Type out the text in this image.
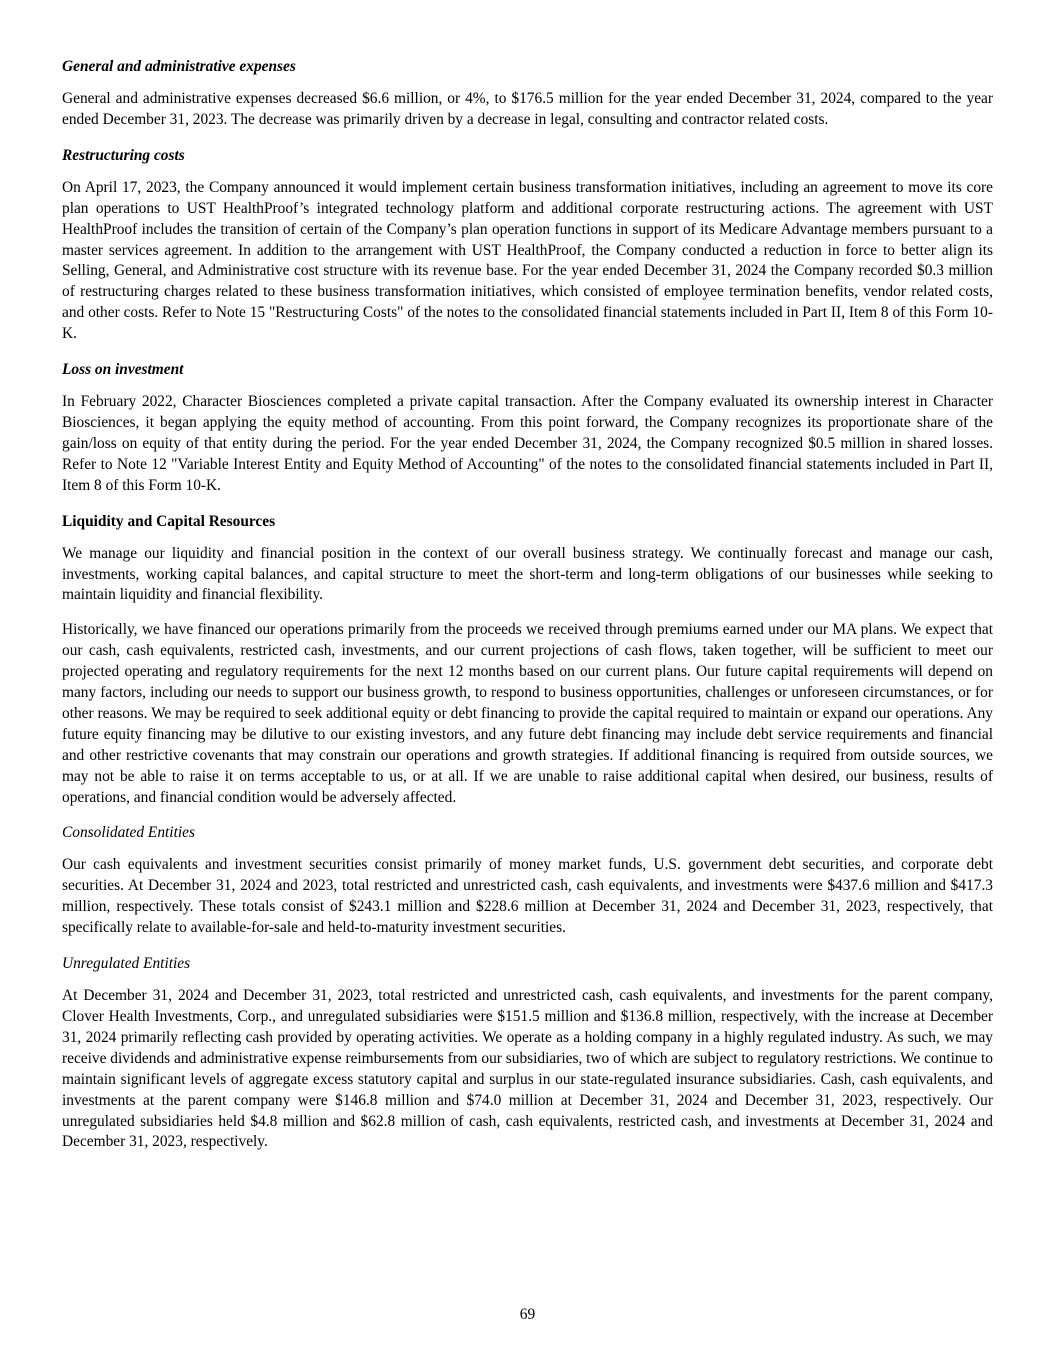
General and administrative expenses

General and administrative expenses decreased $6.6 million, or 4%, to $176.5 million for the year ended December 31, 2024, compared to the year ended December 31, 2023. The decrease was primarily driven by a decrease in legal, consulting and contractor related costs.

Restructuring costs

On April 17, 2023, the Company announced it would implement certain business transformation initiatives, including an agreement to move its core plan operations to UST HealthProof’s integrated technology platform and additional corporate restructuring actions. The agreement with UST HealthProof includes the transition of certain of the Company’s plan operation functions in support of its Medicare Advantage members pursuant to a master services agreement. In addition to the arrangement with UST HealthProof, the Company conducted a reduction in force to better align its Selling, General, and Administrative cost structure with its revenue base. For the year ended December 31, 2024 the Company recorded $0.3 million of restructuring charges related to these business transformation initiatives, which consisted of employee termination benefits, vendor related costs, and other costs. Refer to Note 15 "Restructuring Costs" of the notes to the consolidated financial statements included in Part II, Item 8 of this Form 10-K.

Loss on investment

In February 2022, Character Biosciences completed a private capital transaction. After the Company evaluated its ownership interest in Character Biosciences, it began applying the equity method of accounting. From this point forward, the Company recognizes its proportionate share of the gain/loss on equity of that entity during the period. For the year ended December 31, 2024, the Company recognized $0.5 million in shared losses. Refer to Note 12 "Variable Interest Entity and Equity Method of Accounting" of the notes to the consolidated financial statements included in Part II, Item 8 of this Form 10-K.

Liquidity and Capital Resources

We manage our liquidity and financial position in the context of our overall business strategy. We continually forecast and manage our cash, investments, working capital balances, and capital structure to meet the short-term and long-term obligations of our businesses while seeking to maintain liquidity and financial flexibility.

Historically, we have financed our operations primarily from the proceeds we received through premiums earned under our MA plans. We expect that our cash, cash equivalents, restricted cash, investments, and our current projections of cash flows, taken together, will be sufficient to meet our projected operating and regulatory requirements for the next 12 months based on our current plans. Our future capital requirements will depend on many factors, including our needs to support our business growth, to respond to business opportunities, challenges or unforeseen circumstances, or for other reasons. We may be required to seek additional equity or debt financing to provide the capital required to maintain or expand our operations. Any future equity financing may be dilutive to our existing investors, and any future debt financing may include debt service requirements and financial and other restrictive covenants that may constrain our operations and growth strategies. If additional financing is required from outside sources, we may not be able to raise it on terms acceptable to us, or at all. If we are unable to raise additional capital when desired, our business, results of operations, and financial condition would be adversely affected.

Consolidated Entities

Our cash equivalents and investment securities consist primarily of money market funds, U.S. government debt securities, and corporate debt securities. At December 31, 2024 and 2023, total restricted and unrestricted cash, cash equivalents, and investments were $437.6 million and $417.3 million, respectively. These totals consist of $243.1 million and $228.6 million at December 31, 2024 and December 31, 2023, respectively, that specifically relate to available-for-sale and held-to-maturity investment securities.

Unregulated Entities

At December 31, 2024 and December 31, 2023, total restricted and unrestricted cash, cash equivalents, and investments for the parent company, Clover Health Investments, Corp., and unregulated subsidiaries were $151.5 million and $136.8 million, respectively, with the increase at December 31, 2024 primarily reflecting cash provided by operating activities. We operate as a holding company in a highly regulated industry. As such, we may receive dividends and administrative expense reimbursements from our subsidiaries, two of which are subject to regulatory restrictions. We continue to maintain significant levels of aggregate excess statutory capital and surplus in our state-regulated insurance subsidiaries. Cash, cash equivalents, and investments at the parent company were $146.8 million and $74.0 million at December 31, 2024 and December 31, 2023, respectively. Our unregulated subsidiaries held $4.8 million and $62.8 million of cash, cash equivalents, restricted cash, and investments at December 31, 2024 and December 31, 2023, respectively.

69
